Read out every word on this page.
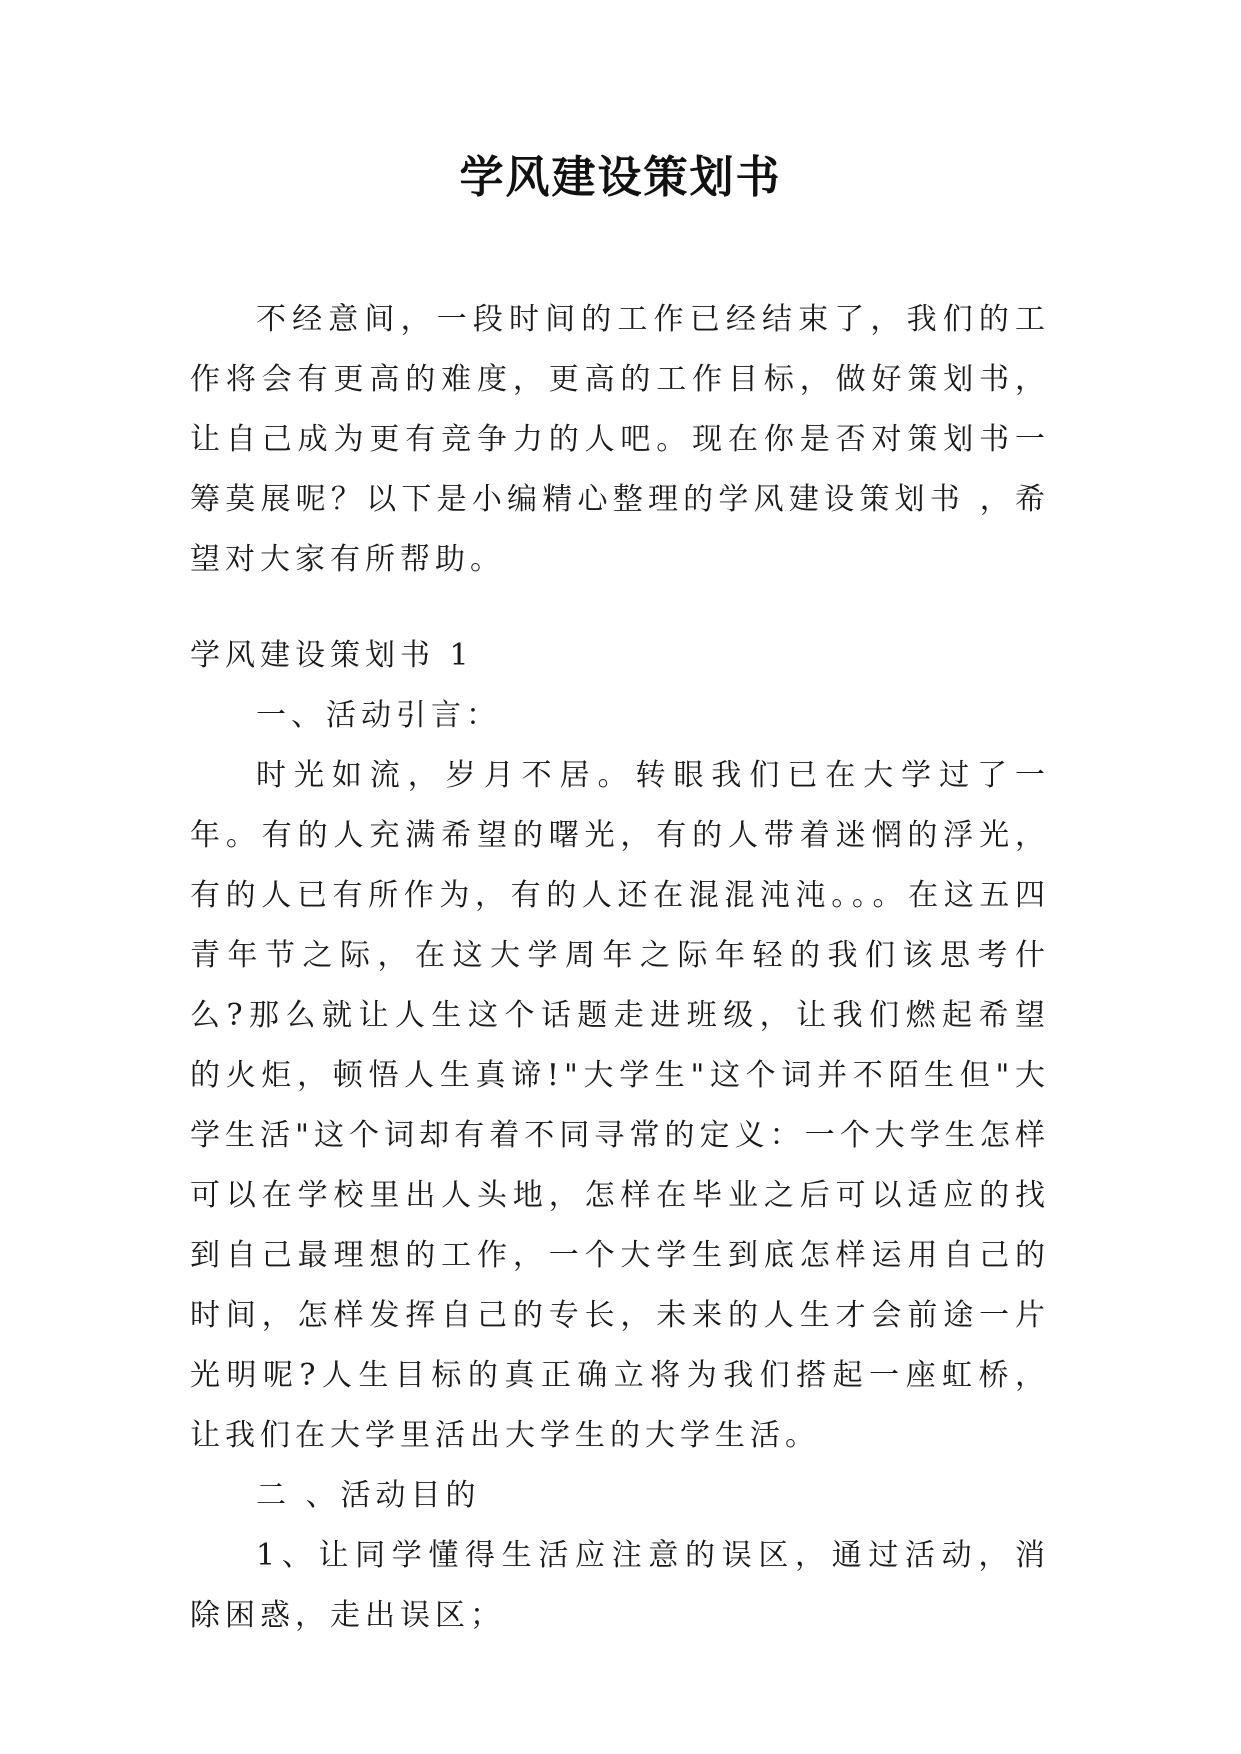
学风建设策划书

不经意间，一段时间的工作已经结束了，我们的工作将会有更高的难度，更高的工作目标，做好策划书，让自己成为更有竞争力的人吧。现在你是否对策划书一筹莫展呢？以下是小编精心整理的学风建设策划书 ，希望对大家有所帮助。

学风建设策划书 1

一、活动引言：

时光如流，岁月不居。转眼我们已在大学过了一年。有的人充满希望的曙光，有的人带着迷惘的浮光，有的人已有所作为，有的人还在混混沌沌。。。在这五四青年节之际，在这大学周年之际年轻的我们该思考什么?那么就让人生这个话题走进班级，让我们燃起希望的火炬，顿悟人生真谛!"大学生"这个词并不陌生但"大学生活"这个词却有着不同寻常的定义：一个大学生怎样可以在学校里出人头地，怎样在毕业之后可以适应的找到自己最理想的工作，一个大学生到底怎样运用自己的时间，怎样发挥自己的专长，未来的人生才会前途一片光明呢?人生目标的真正确立将为我们搭起一座虹桥，让我们在大学里活出大学生的大学生活。

二 、活动目的

1、让同学懂得生活应注意的误区，通过活动，消除困惑，走出误区；
